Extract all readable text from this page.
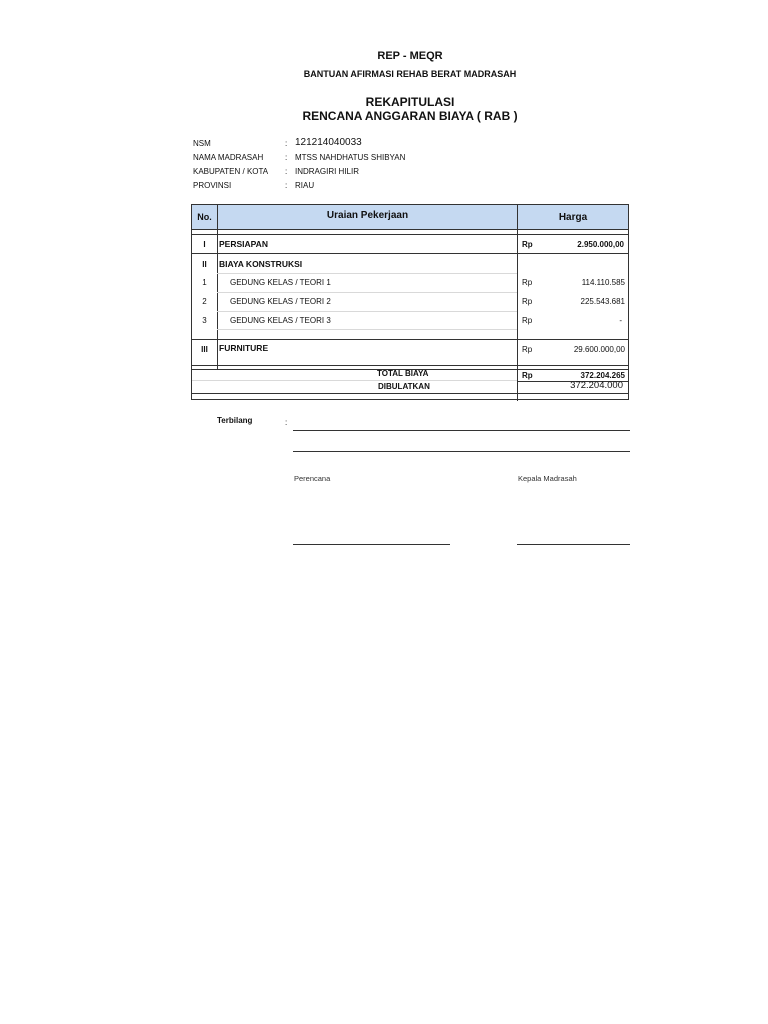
REP - MEQR
BANTUAN AFIRMASI REHAB BERAT MADRASAH
REKAPITULASI
RENCANA ANGGARAN BIAYA ( RAB )
NSM	: 121214040033
NAMA MADRASAH	: MTSS NAHDHATUS SHIBYAN
KABUPATEN / KOTA : INDRAGIRI HILIR
PROVINSI	: RIAU
No.	Uraian Pekerjaan	Harga
I	PERSIAPAN	Rp	2.950.000,00
II	BIAYA KONSTRUKSI
1	GEDUNG KELAS / TEORI 1	Rp	114.110.585
2	GEDUNG KELAS / TEORI 2	Rp	225.543.681
3	GEDUNG KELAS / TEORI 3	Rp	-
III	FURNITURE	Rp	29.600.000,00
TOTAL BIAYA	Rp	372.204.265
DIBULATKAN	372.204.000
Terbilang	:
Perencana	Kepala Madrasah
